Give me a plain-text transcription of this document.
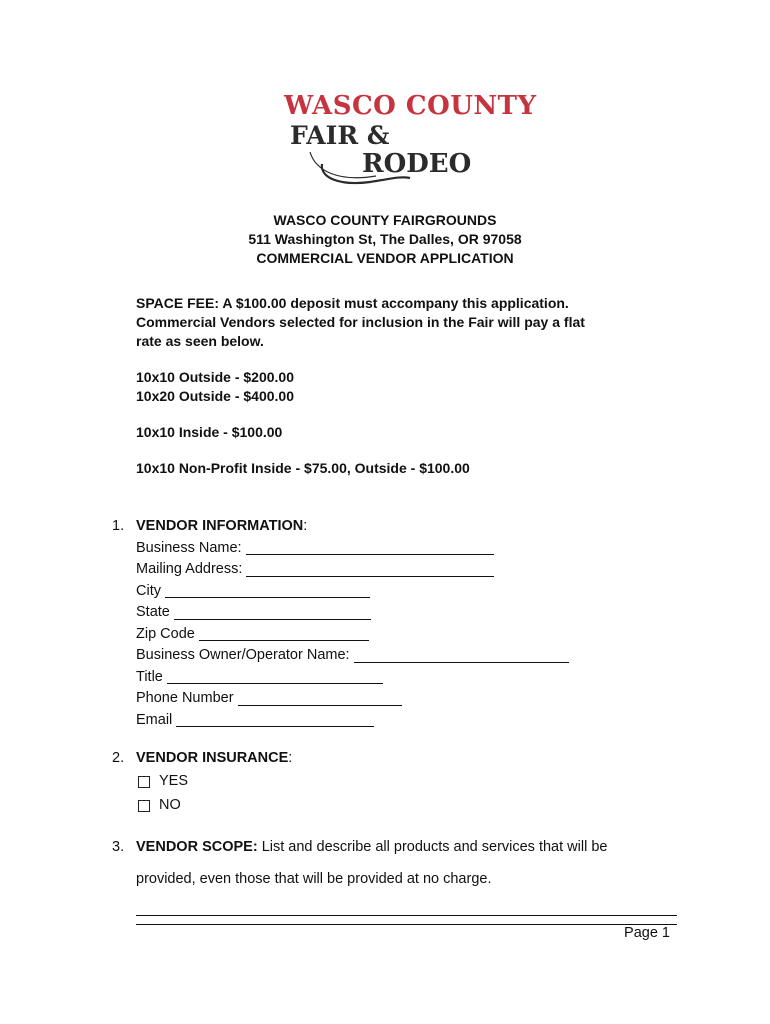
WASCO COUNTY
FAIR &
RODEO
WASCO COUNTY FAIRGROUNDS
511 Washington St, The Dalles, OR 97058
COMMERCIAL VENDOR APPLICATION
SPACE FEE: A $100.00 deposit must accompany this application.
Commercial Vendors selected for inclusion in the Fair will pay a flat
rate as seen below.
10x10 Outside - $200.00
10x20 Outside - $400.00
10x10 Inside - $100.00
10x10 Non-Profit Inside - $75.00, Outside - $100.00
1. VENDOR INFORMATION:
Business Name:
Mailing Address:
City
State
Zip Code
Business Owner/Operator Name:
Title
Phone Number
Email
2. VENDOR INSURANCE:
YES
NO
3. VENDOR SCOPE: List and describe all products and services that will be
provided, even those that will be provided at no charge.
Page 1
